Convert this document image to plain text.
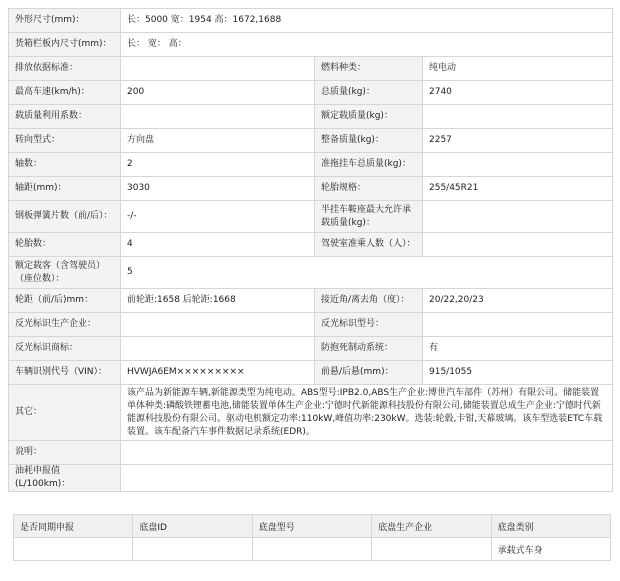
外形尺寸(mm)：	长：5000 宽：1954 高：1672,1688		
货箱栏板内尺寸(mm)：	长： 宽： 高：		
排放依据标准：		燃料种类：	纯电动
最高车速(km/h)：	200	总质量(kg)：	2740
载质量利用系数：		额定载质量(kg)：	
转向型式：	方向盘	整备质量(kg)：	2257
轴数：	2	准拖挂车总质量(kg)：	
轴距(mm)：	3030	轮胎规格：	255/45R21
钢板弹簧片数（前/后）：	-/-	半挂车鞍座最大允许承载质量(kg)：	
轮胎数：	4	驾驶室准乘人数（人）：	
额定载客（含驾驶员）（座位数）：	5		
轮距（前/后)mm：	前轮距:1658 后轮距:1668	接近角/离去角（度）：	20/22,20/23
反光标识生产企业：		反光标识型号：	
反光标识商标：		防抱死制动系统：	有
车辆识别代号（VIN）：	HVWJA6EM×××××××××	前悬/后悬(mm)：	915/1055
其它：	该产品为新能源车辆,新能源类型为纯电动。ABS型号:IPB2.0,ABS生产企业:博世汽车部件（苏州）有限公司。储能装置单体种类:磷酸铁锂蓄电池,储能装置单体生产企业:宁德时代新能源科技股份有限公司,储能装置总成生产企业:宁德时代新能源科技股份有限公司。驱动电机额定功率:110kW,峰值功率:230kW。选装:轮毂,卡钳,天幕玻璃。该车型选装ETC车载装置。该车配备汽车事件数据记录系统(EDR)。		
说明：			
油耗申报值(L/100km)：			
是否同期申报	底盘ID	底盘型号	底盘生产企业	底盘类别
				承载式车身
